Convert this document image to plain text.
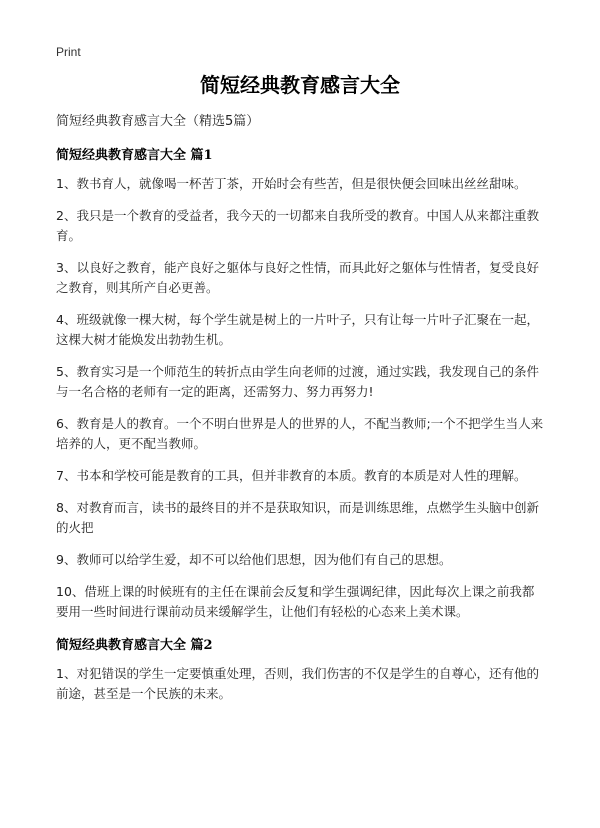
Print
简短经典教育感言大全
简短经典教育感言大全（精选5篇）
简短经典教育感言大全 篇1

1、教书育人，就像喝一杯苦丁茶，开始时会有些苦，但是很快便会回味出丝丝甜味。

2、我只是一个教育的受益者，我今天的一切都来自我所受的教育。中国人从来都注重教育。

3、以良好之教育，能产良好之躯体与良好之性情，而具此好之躯体与性情者，复受良好之教育，则其所产自必更善。

4、班级就像一棵大树，每个学生就是树上的一片叶子，只有让每一片叶子汇聚在一起，这棵大树才能焕发出勃勃生机。

5、教育实习是一个师范生的转折点由学生向老师的过渡，通过实践，我发现自己的条件与一名合格的老师有一定的距离，还需努力、努力再努力!

6、教育是人的教育。一个不明白世界是人的世界的人，不配当教师;一个不把学生当人来培养的人，更不配当教师。

7、书本和学校可能是教育的工具，但并非教育的本质。教育的本质是对人性的理解。

8、对教育而言，读书的最终目的并不是获取知识，而是训练思维，点燃学生头脑中创新的火把

9、教师可以给学生爱，却不可以给他们思想，因为他们有自己的思想。

10、借班上课的时候班有的主任在课前会反复和学生强调纪律，因此每次上课之前我都要用一些时间进行课前动员来缓解学生，让他们有轻松的心态来上美术课。

简短经典教育感言大全 篇2

1、对犯错误的学生一定要慎重处理，否则，我们伤害的不仅是学生的自尊心，还有他的前途，甚至是一个民族的未来。
